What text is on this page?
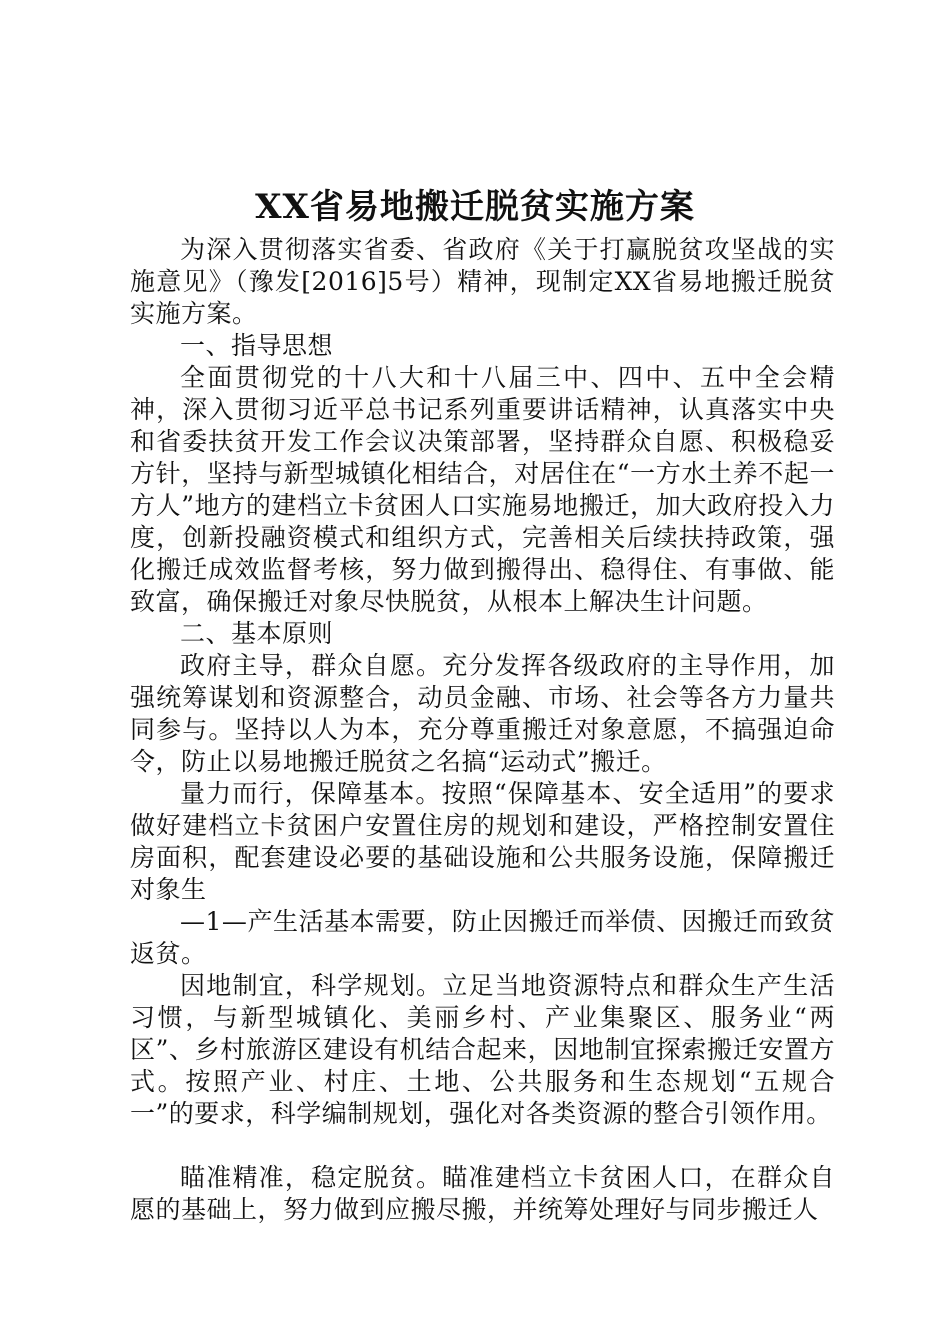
XX省易地搬迁脱贫实施方案

为深入贯彻落实省委、省政府《关于打赢脱贫攻坚战的实施意见》（豫发[2016]5号）精神，现制定XX省易地搬迁脱贫实施方案。

一、指导思想

全面贯彻党的十八大和十八届三中、四中、五中全会精神，深入贯彻习近平总书记系列重要讲话精神，认真落实中央和省委扶贫开发工作会议决策部署，坚持群众自愿、积极稳妥方针，坚持与新型城镇化相结合，对居住在“一方水土养不起一方人”地方的建档立卡贫困人口实施易地搬迁，加大政府投入力度，创新投融资模式和组织方式，完善相关后续扶持政策，强化搬迁成效监督考核，努力做到搬得出、稳得住、有事做、能致富，确保搬迁对象尽快脱贫，从根本上解决生计问题。

二、基本原则

政府主导，群众自愿。充分发挥各级政府的主导作用，加强统筹谋划和资源整合，动员金融、市场、社会等各方力量共同参与。坚持以人为本，充分尊重搬迁对象意愿，不搞强迫命令，防止以易地搬迁脱贫之名搞“运动式”搬迁。

量力而行，保障基本。按照“保障基本、安全适用”的要求做好建档立卡贫困户安置住房的规划和建设，严格控制安置住房面积，配套建设必要的基础设施和公共服务设施，保障搬迁对象生

—1—产生活基本需要，防止因搬迁而举债、因搬迁而致贫返贫。

因地制宜，科学规划。立足当地资源特点和群众生产生活习惯，与新型城镇化、美丽乡村、产业集聚区、服务业“两区”、乡村旅游区建设有机结合起来，因地制宜探索搬迁安置方式。按照产业、村庄、土地、公共服务和生态规划“五规合一”的要求，科学编制规划，强化对各类资源的整合引领作用。

瞄准精准，稳定脱贫。瞄准建档立卡贫困人口，在群众自愿的基础上，努力做到应搬尽搬，并统筹处理好与同步搬迁人
